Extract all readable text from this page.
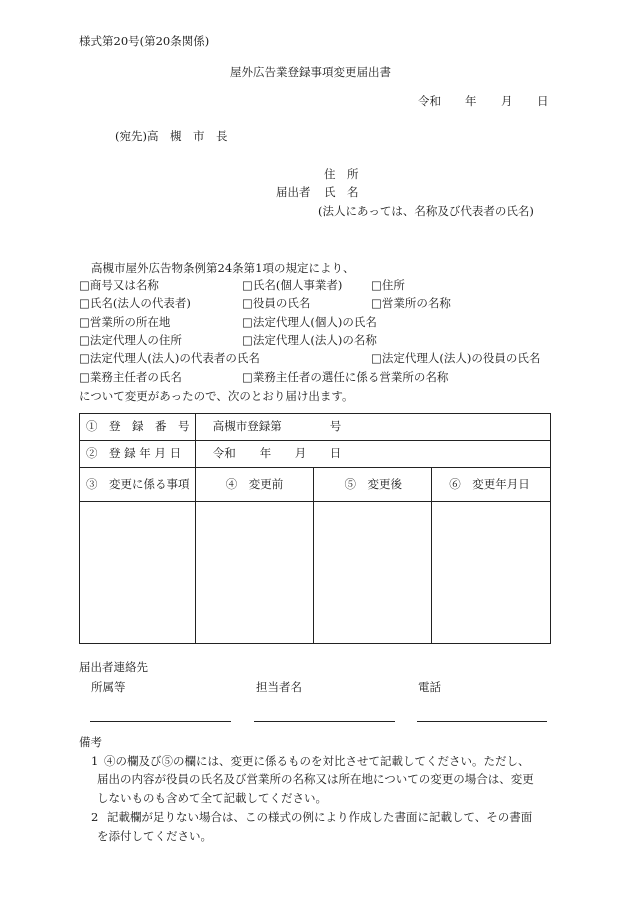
様式第20号(第20条関係)
屋外広告業登録事項変更届出書
令和 年 月 日
(宛先)高　槻　市　長
住　所
届出者 氏　名
(法人にあっては、名称及び代表者の氏名)
高槻市屋外広告物条例第24条第1項の規定により、
□商号又は名称	□氏名(個人事業者) □住所
□氏名(法人の代表者)	□役員の氏名	□営業所の名称
□営業所の所在地	□法定代理人(個人)の氏名
□法定代理人の住所	□法定代理人(法人)の名称
□法定代理人(法人)の代表者の氏名	□法定代理人(法人)の役員の氏名
□業務主任者の氏名	□業務主任者の選任に係る営業所の名称
について変更があったので、次のとおり届け出ます。
①　登　録　番　号	高槻市登録第 号		

②　登 録 年 月 日	令和 年 月 日		

③　変更に係る事項	④　変更前	⑤　変更後	⑥　変更年月日

届出者連絡先
所属等	担当者名	電話
備考
1 ④の欄及び⑤の欄には、変更に係るものを対比させて記載してください。ただし、
届出の内容が役員の氏名及び営業所の名称又は所在地についての変更の場合は、変更
しないものも含めて全て記載してください。
2 記載欄が足りない場合は、この様式の例により作成した書面に記載して、その書面
を添付してください。
